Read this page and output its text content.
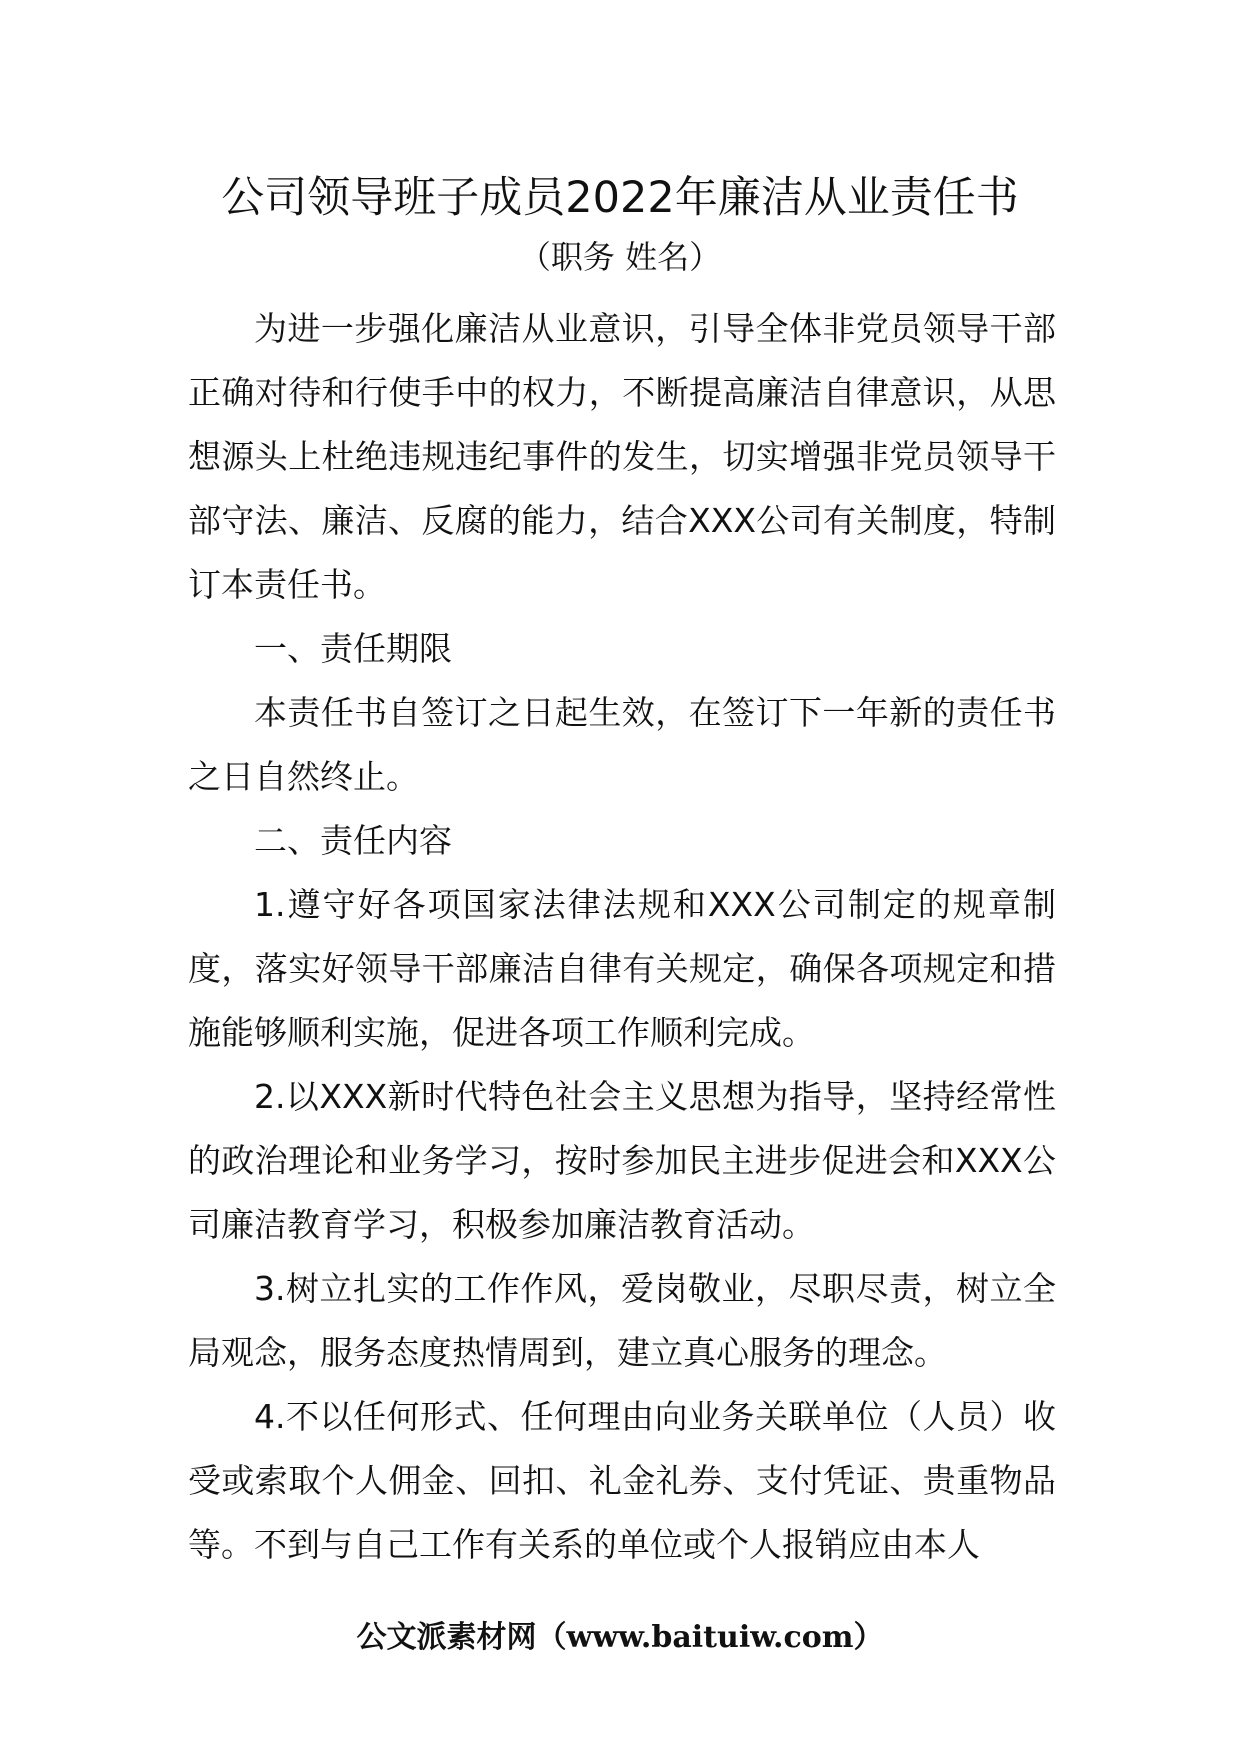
公司领导班子成员2022年廉洁从业责任书
（职务 姓名）

为进一步强化廉洁从业意识，引导全体非党员领导干部正确对待和行使手中的权力，不断提高廉洁自律意识，从思想源头上杜绝违规违纪事件的发生，切实增强非党员领导干部守法、廉洁、反腐的能力，结合XXX公司有关制度，特制订本责任书。

一、责任期限

本责任书自签订之日起生效，在签订下一年新的责任书之日自然终止。

二、责任内容

1.遵守好各项国家法律法规和XXX公司制定的规章制度，落实好领导干部廉洁自律有关规定，确保各项规定和措施能够顺利实施，促进各项工作顺利完成。

2.以XXX新时代特色社会主义思想为指导，坚持经常性的政治理论和业务学习，按时参加民主进步促进会和XXX公司廉洁教育学习，积极参加廉洁教育活动。

3.树立扎实的工作作风，爱岗敬业，尽职尽责，树立全局观念，服务态度热情周到，建立真心服务的理念。

4.不以任何形式、任何理由向业务关联单位（人员）收受或索取个人佣金、回扣、礼金礼券、支付凭证、贵重物品等。不到与自己工作有关系的单位或个人报销应由本人

公文派素材网（www.baituiw.com）
